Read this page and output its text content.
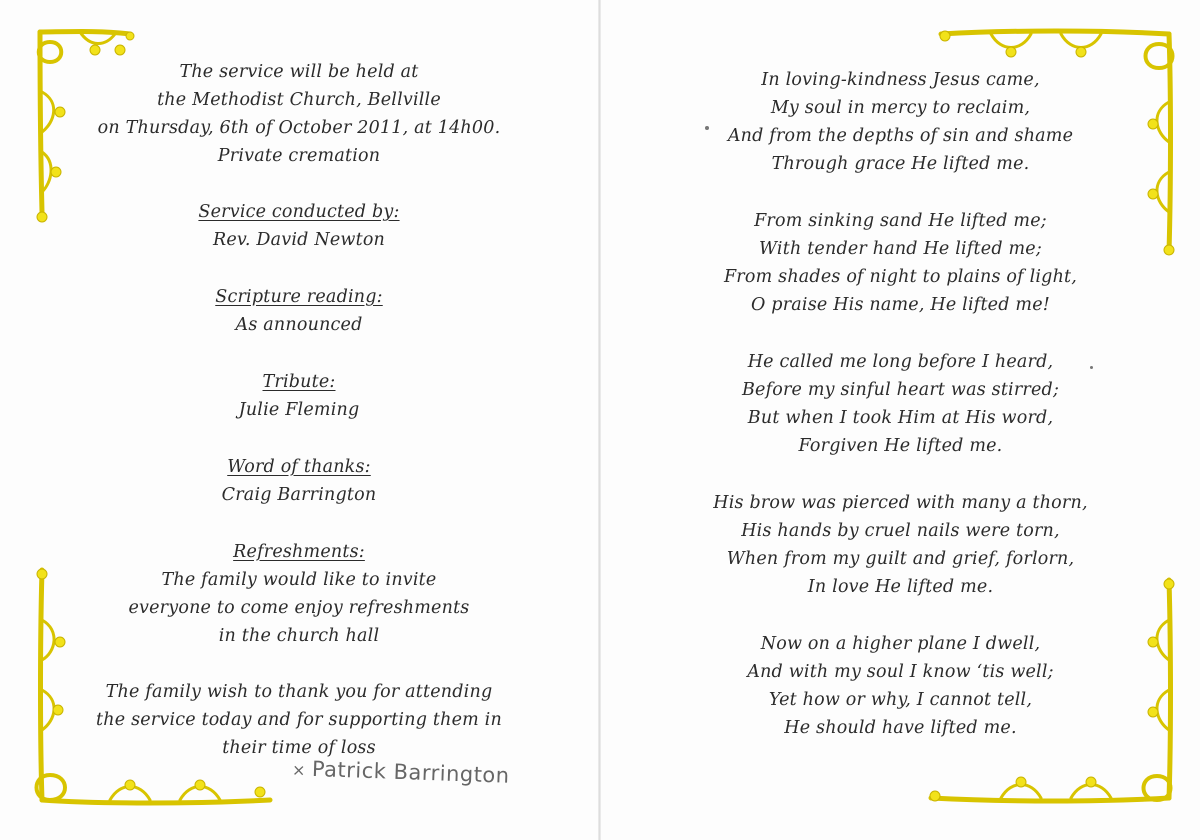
The service will be held at
the Methodist Church, Bellville
on Thursday, 6th of October 2011, at 14h00.
Private cremation
Service conducted by:
Rev. David Newton
Scripture reading:
As announced
Tribute:
Julie Fleming
Word of thanks:
Craig Barrington
Refreshments:
The family would like to invite
everyone to come enjoy refreshments
in the church hall
The family wish to thank you for attending
the service today and for supporting them in
their time of loss
× Patrick Barrington
In loving-kindness Jesus came,
My soul in mercy to reclaim,
And from the depths of sin and shame
Through grace He lifted me.
From sinking sand He lifted me;
With tender hand He lifted me;
From shades of night to plains of light,
O praise His name, He lifted me!
He called me long before I heard,
Before my sinful heart was stirred;
But when I took Him at His word,
Forgiven He lifted me.
His brow was pierced with many a thorn,
His hands by cruel nails were torn,
When from my guilt and grief, forlorn,
In love He lifted me.
Now on a higher plane I dwell,
And with my soul I know ‘tis well;
Yet how or why, I cannot tell,
He should have lifted me.
